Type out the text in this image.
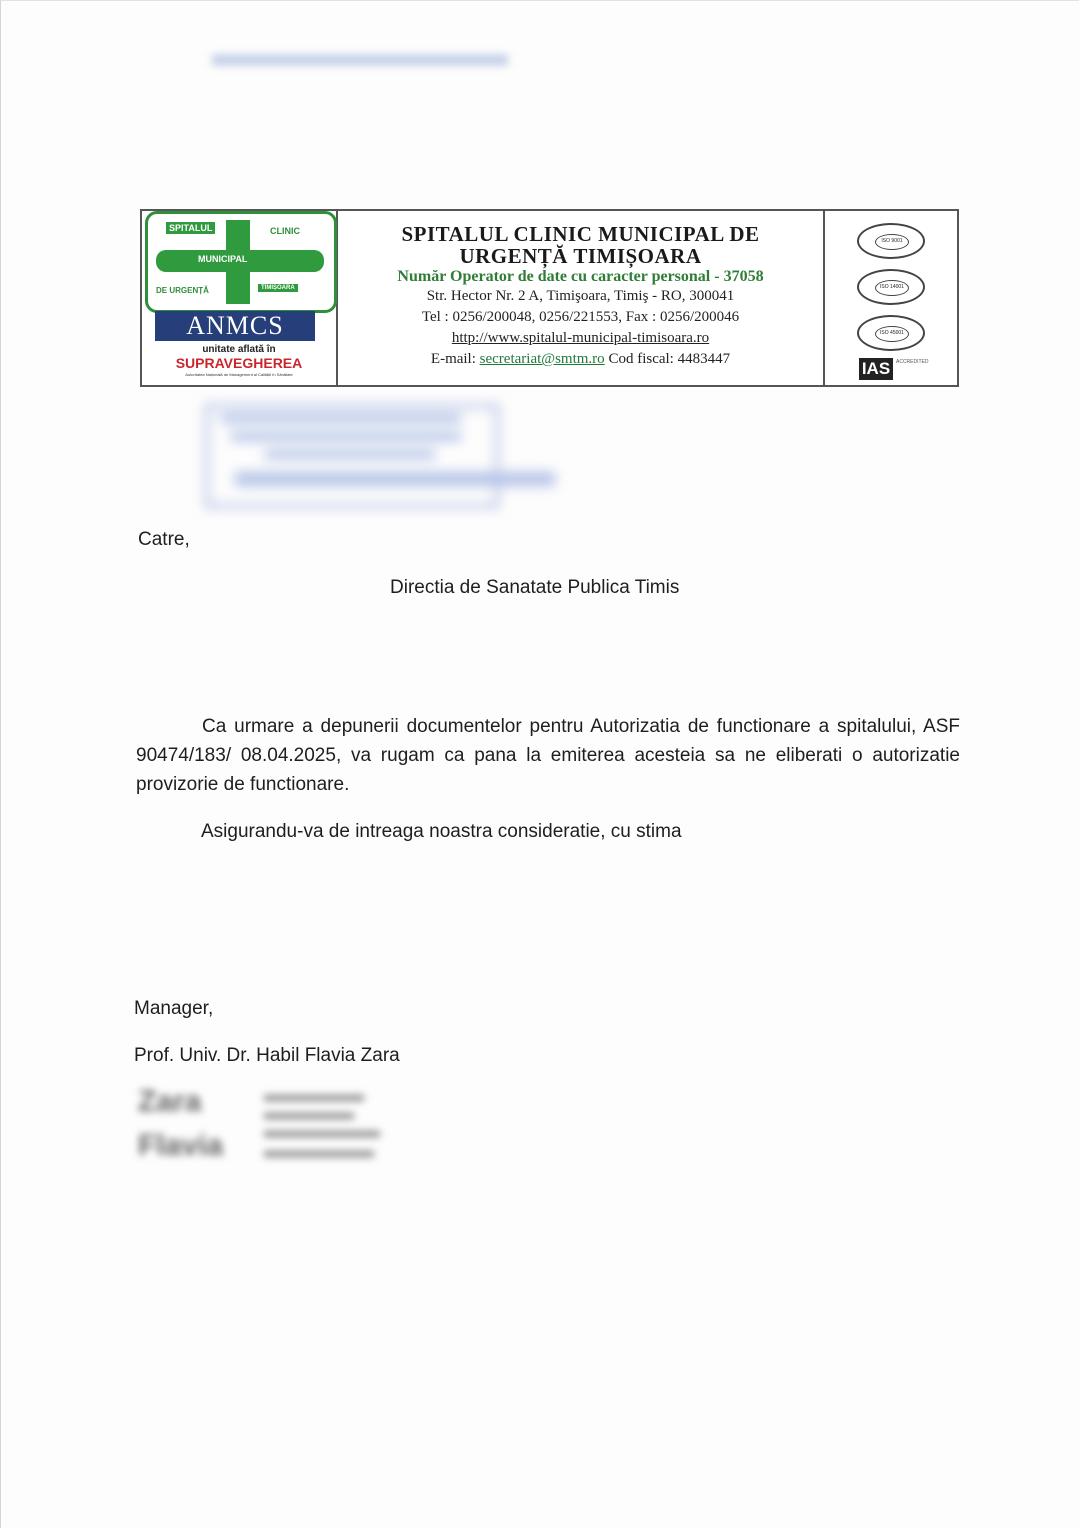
SPITALUL	CLINIC
MUNICIPAL
DE URGENȚĂ	TIMIȘOARA
ANMCS
unitate aflată în
SUPRAVEGHEREA
Autoritatea Națională de Management al Calității în Sănătate
SPITALUL CLINIC MUNICIPAL DE
URGENȚĂ TIMIȘOARA
Număr Operator de date cu caracter personal - 37058
Str. Hector Nr. 2 A, Timişoara, Timiş - RO, 300041
Tel : 0256/200048, 0256/221553, Fax : 0256/200046
http://www.spitalul-municipal-timisoara.ro
E-mail: secretariat@smtm.ro Cod fiscal: 4483447
ISO 9001
ISO 14001
ISO 45001
IAS	ACCREDITED
Catre,
Directia de Sanatate Publica Timis

Ca urmare a depunerii documentelor pentru Autorizatia de functionare a spitalului, ASF 90474/183/ 08.04.2025, va rugam ca pana la emiterea acesteia sa ne eliberati o autorizatie provizorie de functionare.

Asigurandu-va de intreaga noastra consideratie, cu stima
Manager,
Prof. Univ. Dr. Habil Flavia Zara
Zara
Flavia
